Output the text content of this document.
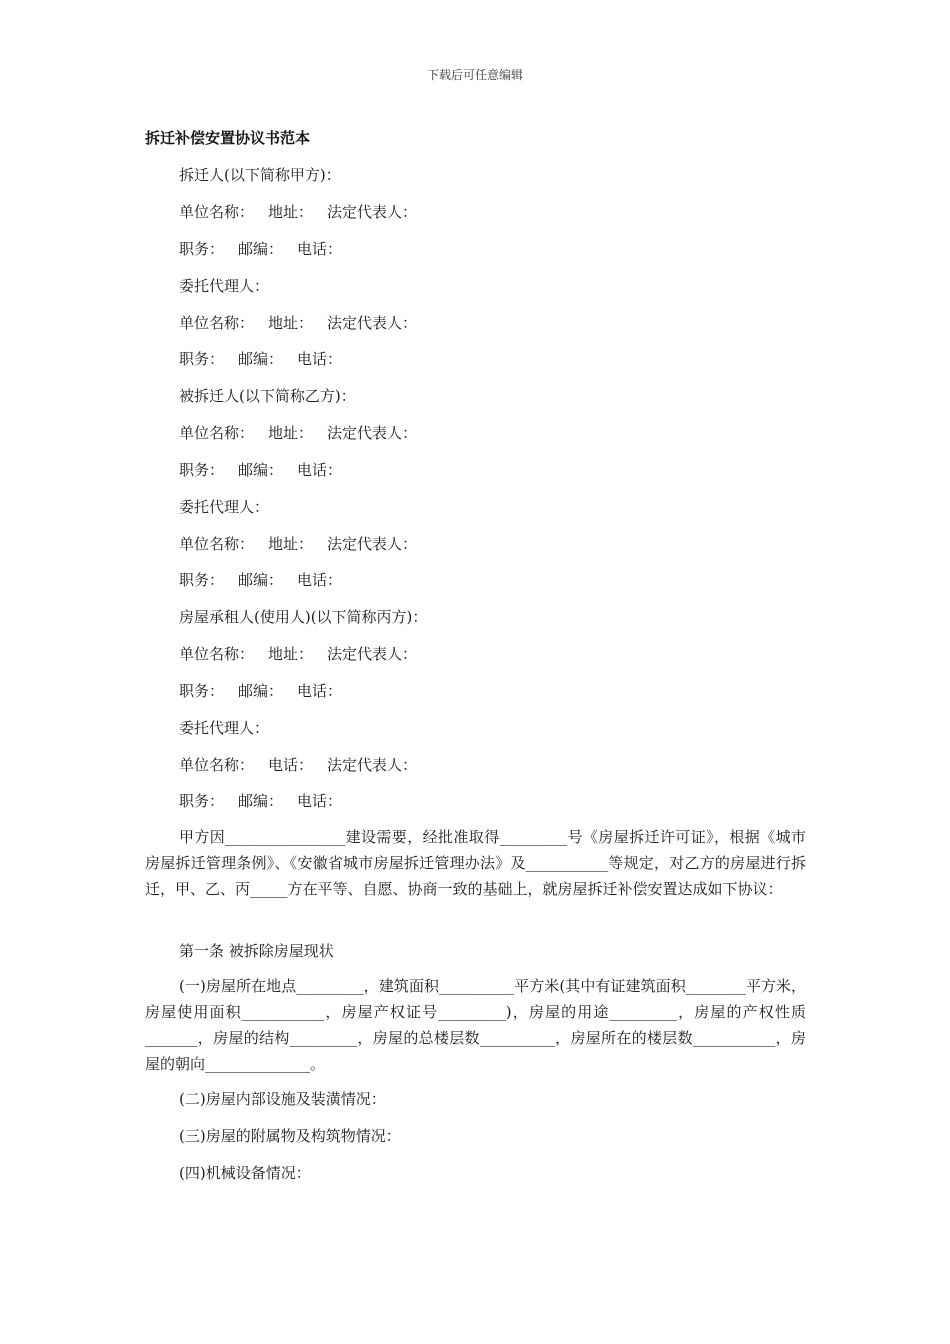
下载后可任意编辑
拆迁补偿安置协议书范本
拆迁人(以下简称甲方)：
单位名称： 地址： 法定代表人：
职务： 邮编： 电话：
委托代理人：
单位名称： 地址： 法定代表人：
职务： 邮编： 电话：
被拆迁人(以下简称乙方)：
单位名称： 地址： 法定代表人：
职务： 邮编： 电话：
委托代理人：
单位名称： 地址： 法定代表人：
职务： 邮编： 电话：
房屋承租人(使用人)(以下简称丙方)：
单位名称： 地址： 法定代表人：
职务： 邮编： 电话：
委托代理人：
单位名称： 电话： 法定代表人：
职务： 邮编： 电话：
甲方因________________建设需要，经批准取得_________号《房屋拆迁许可证》，根据《城市房屋拆迁管理条例》、《安徽省城市房屋拆迁管理办法》及___________等规定，对乙方的房屋进行拆迁，甲、乙、丙_____方在平等、自愿、协商一致的基础上，就房屋拆迁补偿安置达成如下协议：
第一条 被拆除房屋现状
(一)房屋所在地点_________，建筑面积__________平方米(其中有证建筑面积________平方米，房屋使用面积___________，房屋产权证号_________)，房屋的用途_________，房屋的产权性质_______，房屋的结构_________，房屋的总楼层数__________，房屋所在的楼层数___________，房屋的朝向______________。
(二)房屋内部设施及装潢情况：
(三)房屋的附属物及构筑物情况：
(四)机械设备情况：
